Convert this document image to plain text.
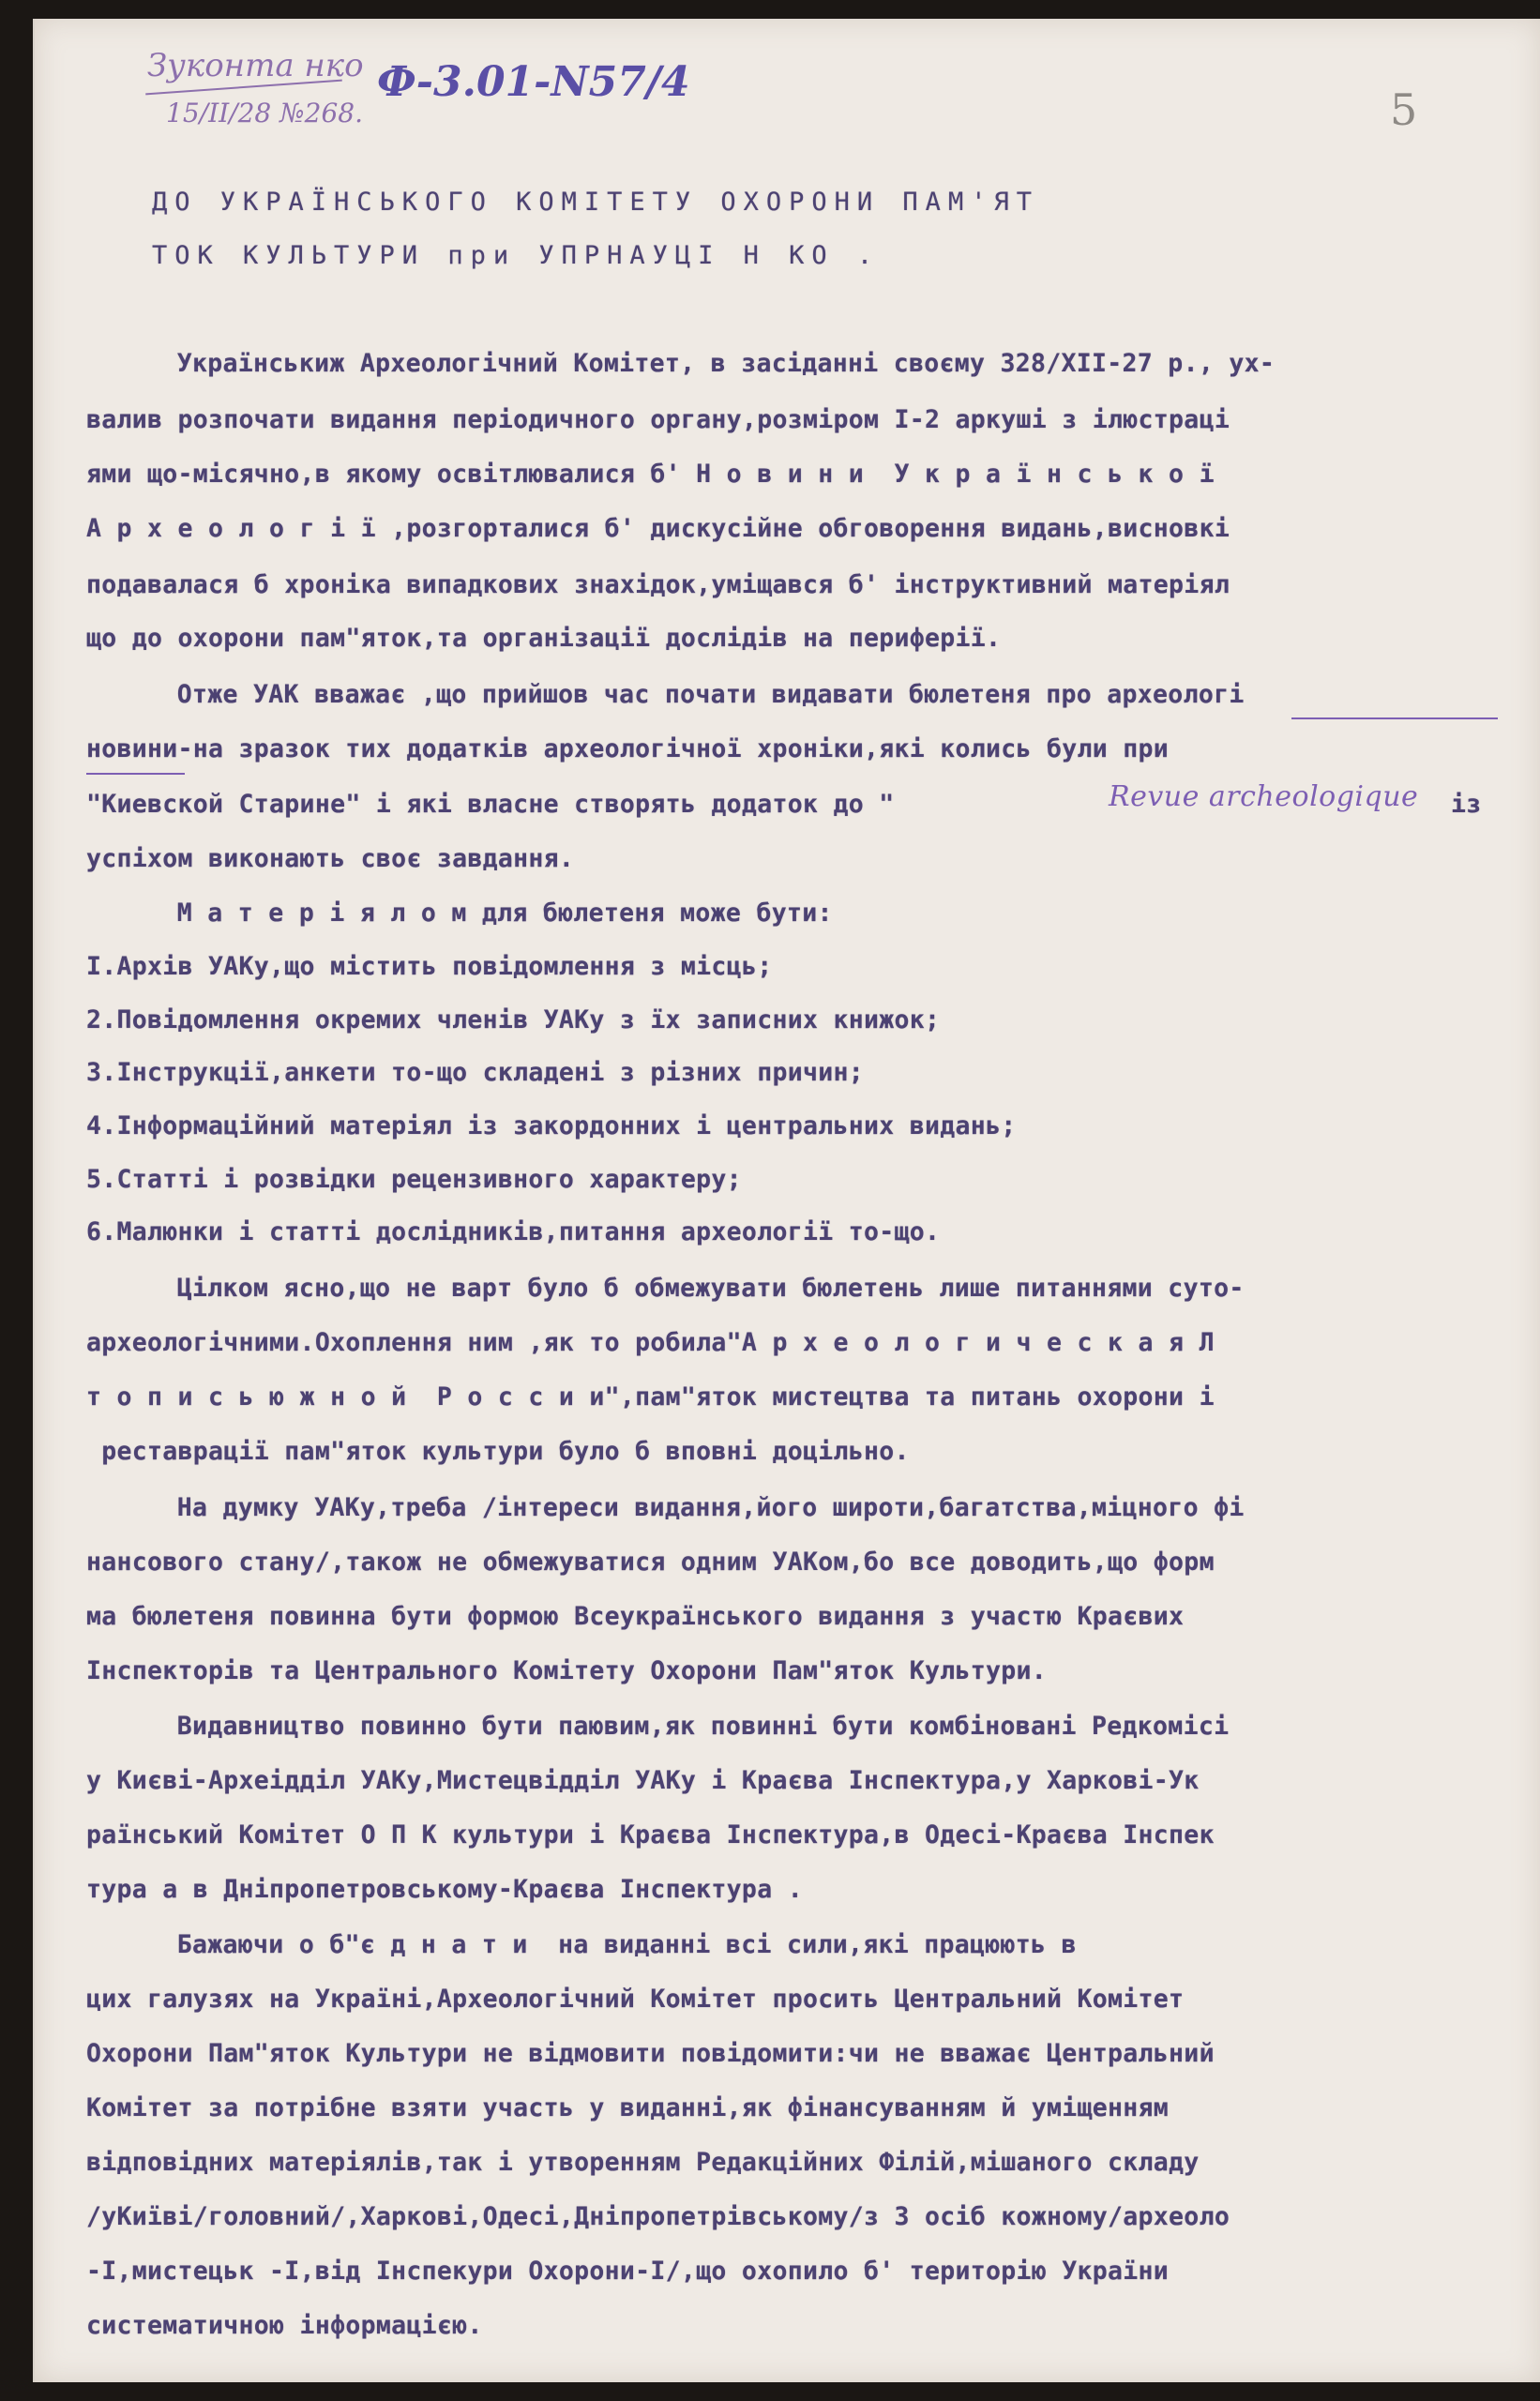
Зуконта нко
15/ІІ/28 №268.
Ф-3.01-N57/4
5
ДО УКРАЇНСЬКОГО КОМІТЕТУ ОХОРОНИ ПАМ'ЯТ
ТОК КУЛЬТУРИ при УПРНАУЦІ Н КО .
Українськиж Археологічний Комітет, в засіданні своєму 328/ХІІ-27 р., ух-
валив розпочати видання періодичного органу,розміром І-2 аркуші з ілюстраці
ями що-місячно,в якому освітлювалися б' Н о в и н и  У к р а ї н с ь к о ї
А р х е о л о г і ї ,розгорталися б' дискусійне обговорення видань,висновкі
подавалася б хроніка випадкових знахідок,уміщався б' інструктивний матеріял
що до охорони пам"яток,та організації дослідів на периферії.
Отже УАК вважає ,що прийшов час почати видавати бюлетеня про археологі
новини-на зразок тих додатків археологічної хроніки,які колись були при
"Киевской Старине" і які власне створять додаток до "	Revue archeologique із
успіхом виконають своє завдання.
М а т е р і я л о м для бюлетеня може бути:
І.Архів УАКу,що містить повідомлення з місць;
2.Повідомлення окремих членів УАКу з їх записних книжок;
3.Інструкції,анкети то-що складені з різних причин;
4.Інформаційний матеріял із закордонних і центральних видань;
5.Статті і розвідки рецензивного характеру;
6.Малюнки і статті дослідників,питання археології то-що.
Цілком ясно,що не варт було б обмежувати бюлетень лише питаннями суто-
археологічними.Охоплення ним ,як то робила"А р х е о л о г и ч е с к а я Л
т о п и с ь ю ж н о й  Р о с с и и",пам"яток мистецтва та питань охорони і
реставрації пам"яток культури було б вповні доцільно.
На думку УАКу,треба /інтереси видання,його широти,багатства,міцного фі
нансового стану/,також не обмежуватися одним УАКом,бо все доводить,що форм
ма бюлетеня повинна бути формою Всеукраїнського видання з участю Краєвих
Інспекторів та Центрального Комітету Охорони Пам"яток Культури.
Видавництво повинно бути паювим,як повинні бути комбіновані Редкомісі
у Києві-Археідділ УАКу,Мистецвідділ УАКу і Краєва Інспектура,у Харкові-Ук
раїнський Комітет О П К культури і Краєва Інспектура,в Одесі-Краєва Інспек
тура а в Дніпропетровському-Краєва Інспектура .
Бажаючи о б"є д н а т и  на виданні всі сили,які працюють в
цих галузях на Україні,Археологічний Комітет просить Центральний Комітет
Охорони Пам"яток Культури не відмовити повідомити:чи не вважає Центральний
Комітет за потрібне взяти участь у виданні,як фінансуванням й уміщенням
відповідних матеріялів,так і утворенням Редакційних Філій,мішаного складу
/уКиїві/головний/,Харкові,Одесі,Дніпропетрівському/з 3 осіб кожному/археоло
-І,мистецьк -І,від Інспекури Охорони-І/,що охопило б' територію України
систематичною інформацією.
